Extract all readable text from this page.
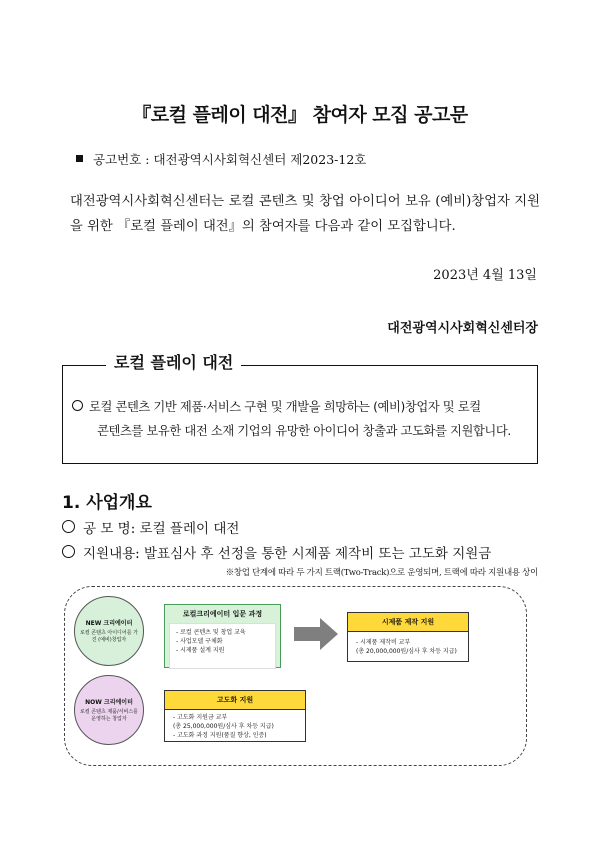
『로컬 플레이 대전』 참여자 모집 공고문
공고번호 : 대전광역시사회혁신센터 제2023-12호
대전광역시사회혁신센터는 로컬 콘텐츠 및 창업 아이디어 보유 (예비)창업자 지원을 위한 『로컬 플레이 대전』의 참여자를 다음과 같이 모집합니다.
2023년 4월 13일
대전광역시사회혁신센터장
로컬 플레이 대전
로컬 콘텐츠 기반 제품·서비스 구현 및 개발을 희망하는 (예비)창업자 및 로컬
콘텐츠를 보유한 대전 소재 기업의 유망한 아이디어 창출과 고도화를 지원합니다.
1. 사업개요
공 모 명: 로컬 플레이 대전
지원내용: 발표심사 후 선정을 통한 시제품 제작비 또는 고도화 지원금
※창업 단계에 따라 두 가지 트랙(Two-Track)으로 운영되며, 트랙에 따라 지원내용 상이
NEW 크리에이터
로컬 콘텐츠 아이디어를 가진 (예비)창업자
NOW 크리에이터
로컬 콘텐츠 제품/서비스를 운영하는 창업자
로컬크리에이터 입문 과정
- 로컬 콘텐츠 및 창업 교육
- 사업모델 구체화
- 시제품 설계 지원
시제품 제작 지원
- 시제품 제작비 교부
(총 20,000,000원/심사 후 차등 지급)
고도화 지원
- 고도화 지원금 교부
(총 25,000,000원/심사 후 차등 지급)
- 고도화 과정 지원(품질 향상, 인증)
